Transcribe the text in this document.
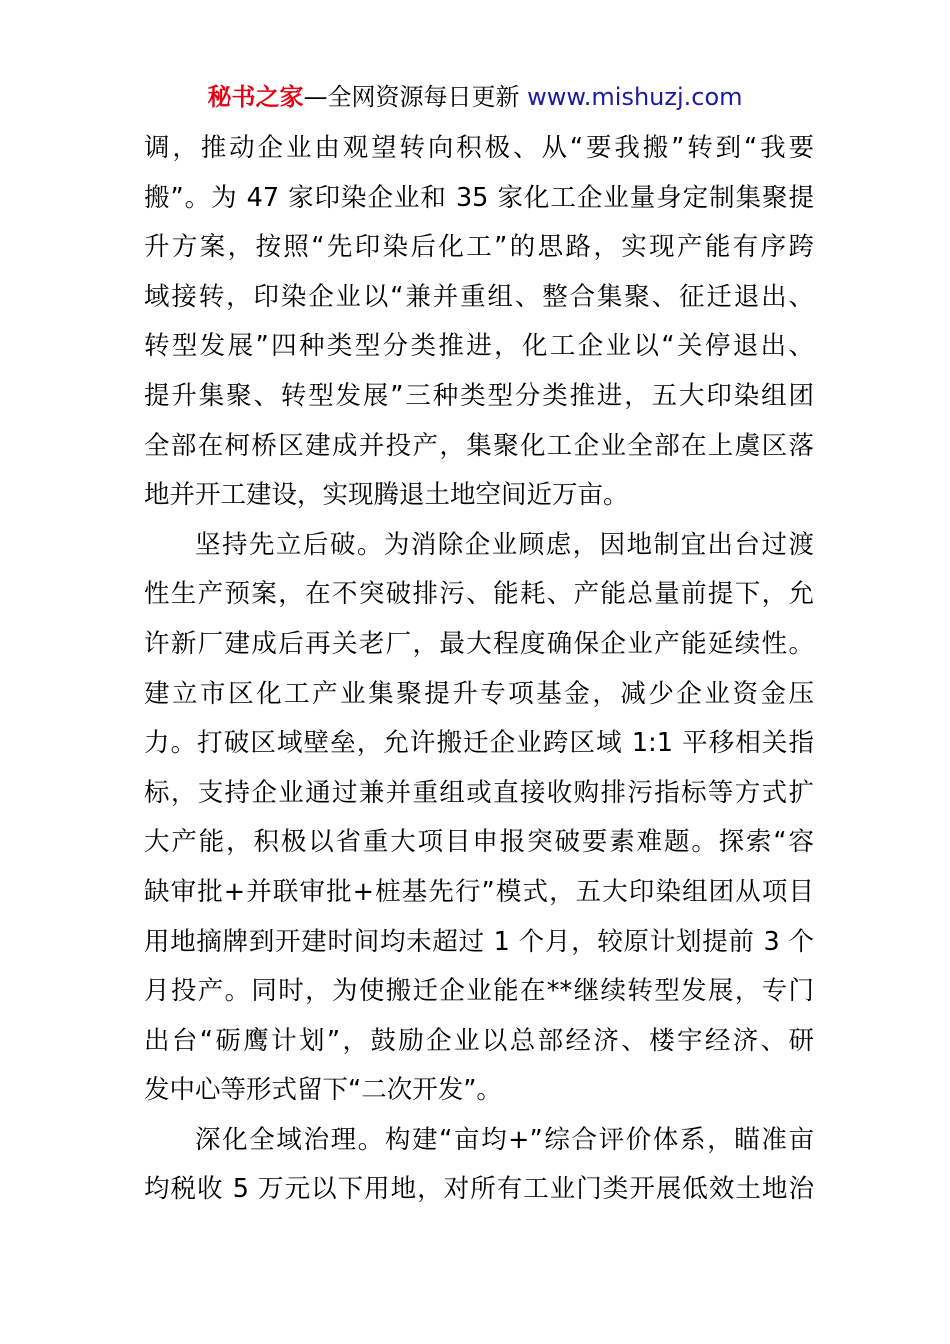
秘书之家—全网资源每日更新 www.mishuzj.com
调，推动企业由观望转向积极、从“要我搬”转到“我要
搬”。为 47 家印染企业和 35 家化工企业量身定制集聚提
升方案，按照“先印染后化工”的思路，实现产能有序跨
域接转，印染企业以“兼并重组、整合集聚、征迁退出、
转型发展”四种类型分类推进，化工企业以“关停退出、
提升集聚、转型发展”三种类型分类推进，五大印染组团
全部在柯桥区建成并投产，集聚化工企业全部在上虞区落
地并开工建设，实现腾退土地空间近万亩。
坚持先立后破。为消除企业顾虑，因地制宜出台过渡
性生产预案，在不突破排污、能耗、产能总量前提下，允
许新厂建成后再关老厂，最大程度确保企业产能延续性。
建立市区化工产业集聚提升专项基金，减少企业资金压
力。打破区域壁垒，允许搬迁企业跨区域 1:1 平移相关指
标，支持企业通过兼并重组或直接收购排污指标等方式扩
大产能，积极以省重大项目申报突破要素难题。探索“容
缺审批+并联审批+桩基先行”模式，五大印染组团从项目
用地摘牌到开建时间均未超过 1 个月，较原计划提前 3 个
月投产。同时，为使搬迁企业能在**继续转型发展，专门
出台“砺鹰计划”，鼓励企业以总部经济、楼宇经济、研
发中心等形式留下“二次开发”。
深化全域治理。构建“亩均+”综合评价体系，瞄准亩
均税收 5 万元以下用地，对所有工业门类开展低效土地治
